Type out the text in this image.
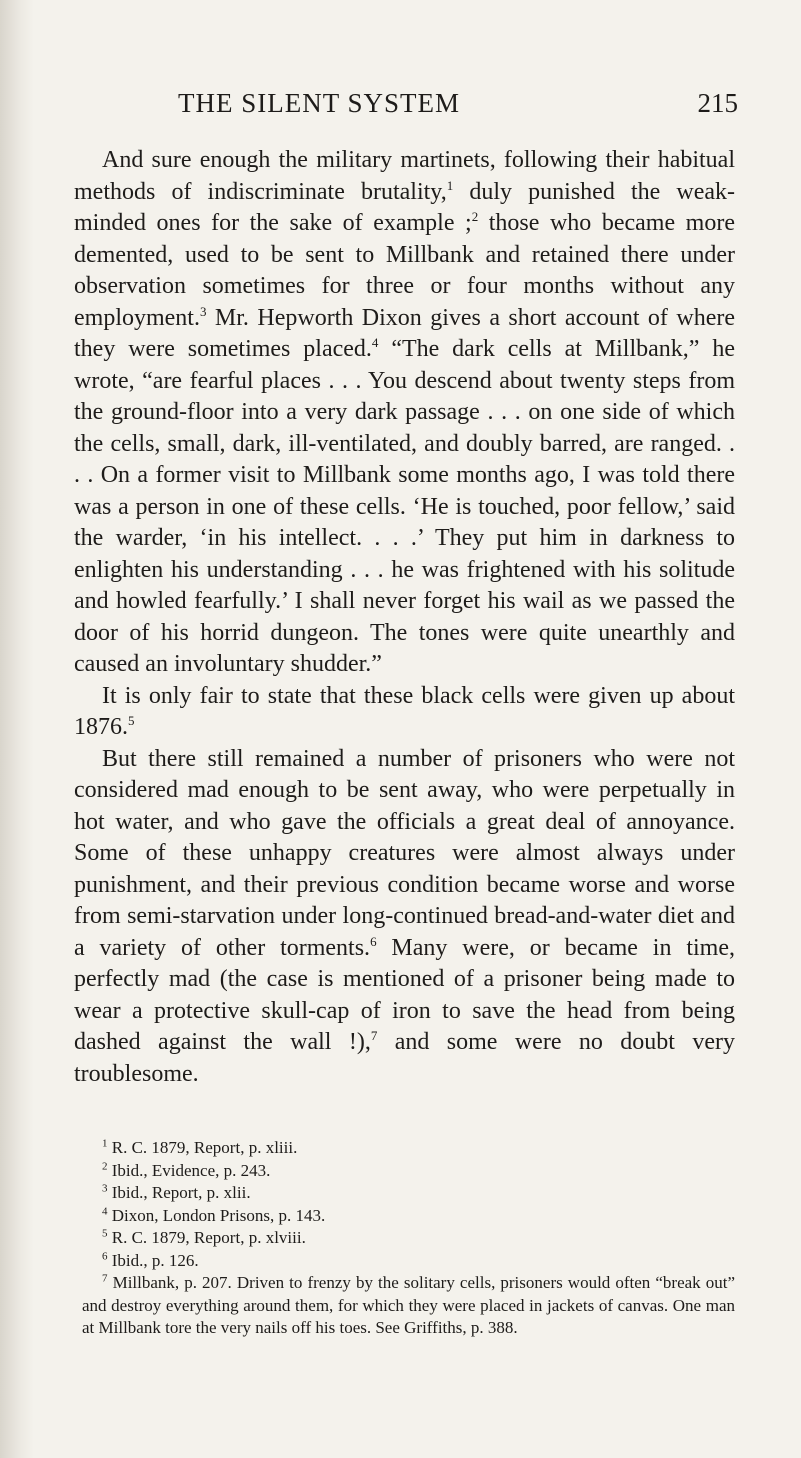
THE SILENT SYSTEM	215

And sure enough the military martinets, following their habitual methods of indiscriminate brutality,$^1$ duly punished the weak-minded ones for the sake of example ;$^2$ those who became more demented, used to be sent to Millbank and retained there under observation sometimes for three or four months without any employment.$^3$ Mr. Hepworth Dixon gives a short account of where they were sometimes placed.$^4$ “The dark cells at Millbank,” he wrote, “are fearful places . . . You descend about twenty steps from the ground-floor into a very dark passage . . . on one side of which the cells, small, dark, ill-ventilated, and doubly barred, are ranged. . . . On a former visit to Millbank some months ago, I was told there was a person in one of these cells. ‘He is touched, poor fellow,’ said the warder, ‘in his intellect. . . .’ They put him in darkness to enlighten his understanding . . . he was frightened with his solitude and howled fearfully.’ I shall never forget his wail as we passed the door of his horrid dungeon. The tones were quite unearthly and caused an involuntary shudder.”

It is only fair to state that these black cells were given up about 1876.$^5$

But there still remained a number of prisoners who were not considered mad enough to be sent away, who were perpetually in hot water, and who gave the officials a great deal of annoyance. Some of these unhappy creatures were almost always under punishment, and their previous condition became worse and worse from semi-starvation under long-continued bread-and-water diet and a variety of other torments.$^6$ Many were, or became in time, perfectly mad (the case is mentioned of a prisoner being made to wear a protective skull-cap of iron to save the head from being dashed against the wall !),$^7$ and some were no doubt very troublesome.

$^1$ R. C. 1879, Report, p. xliii.

$^2$ Ibid., Evidence, p. 243.

$^3$ Ibid., Report, p. xlii.

$^4$ Dixon, London Prisons, p. 143.

$^5$ R. C. 1879, Report, p. xlviii.

$^6$ Ibid., p. 126.

$^7$ Millbank, p. 207. Driven to frenzy by the solitary cells, prisoners would often “break out” and destroy everything around them, for which they were placed in jackets of canvas. One man at Millbank tore the very nails off his toes. See Griffiths, p. 388.
